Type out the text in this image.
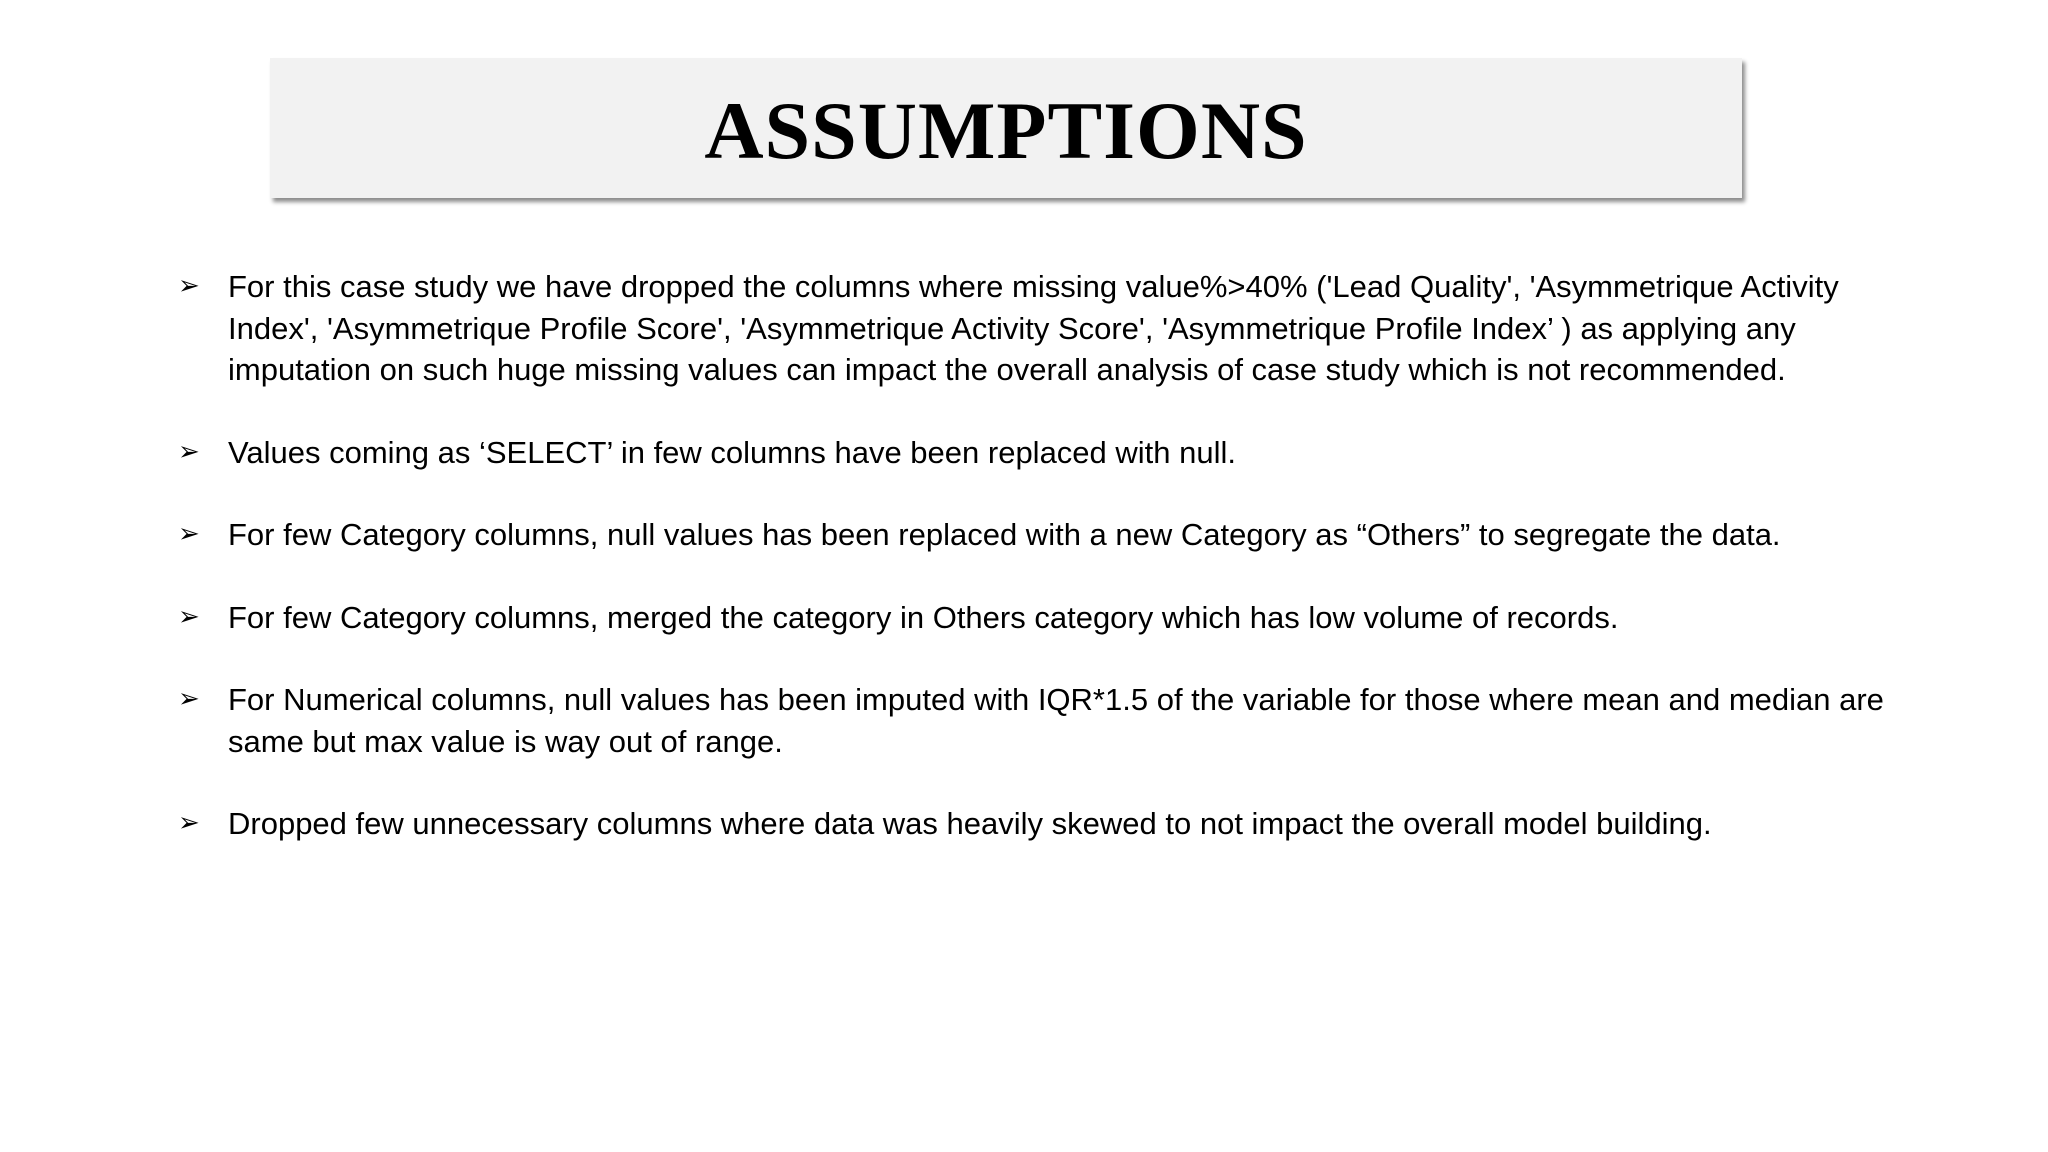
ASSUMPTIONS
➢ For this case study we have dropped the columns where missing value%>40% ('Lead Quality', 'Asymmetrique Activity Index', 'Asymmetrique Profile Score', 'Asymmetrique Activity Score', 'Asymmetrique Profile Index’ ) as applying any imputation on such huge missing values can impact the overall analysis of case study which is not recommended.
➢ Values coming as ‘SELECT’ in few columns have been replaced with null.
➢ For few Category columns, null values has been replaced with a new Category as “Others” to segregate the data.
➢ For few Category columns, merged the category in Others category which has low volume of records.
➢ For Numerical columns, null values has been imputed with IQR*1.5 of the variable for those where mean and median are same but max value is way out of range.
➢ Dropped few unnecessary columns where data was heavily skewed to not impact the overall model building.
